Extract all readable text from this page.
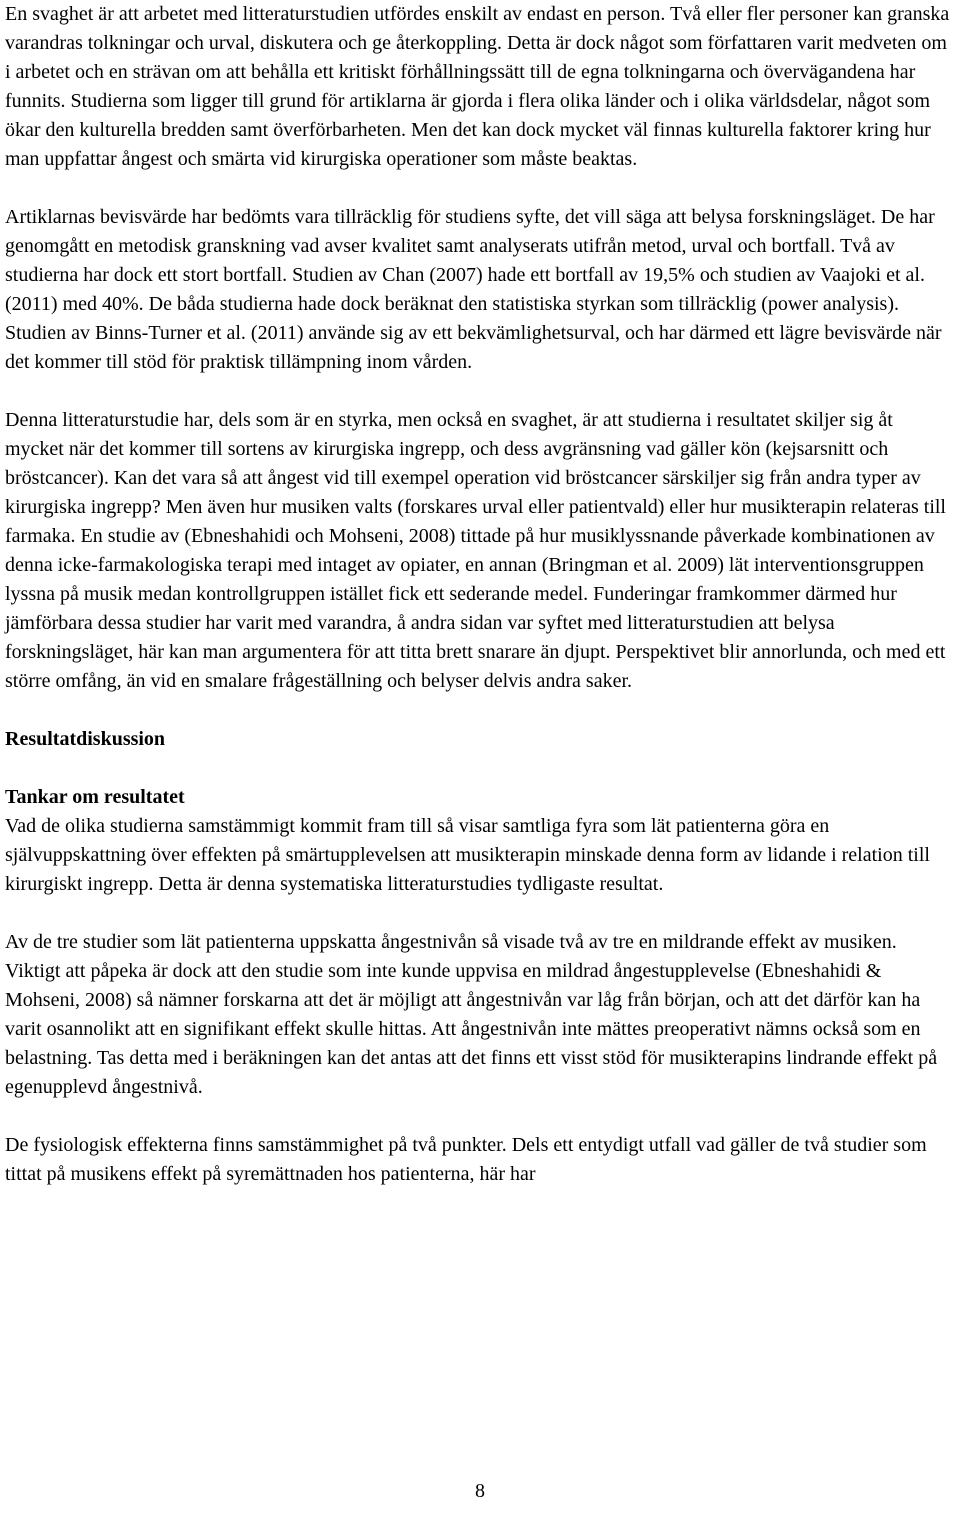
En svaghet är att arbetet med litteraturstudien utfördes enskilt av endast en person. Två eller fler personer kan granska varandras tolkningar och urval, diskutera och ge återkoppling. Detta är dock något som författaren varit medveten om i arbetet och en strävan om att behålla ett kritiskt förhållningssätt till de egna tolkningarna och övervägandena har funnits. Studierna som ligger till grund för artiklarna är gjorda i flera olika länder och i olika världsdelar, något som ökar den kulturella bredden samt överförbarheten. Men det kan dock mycket väl finnas kulturella faktorer kring hur man uppfattar ångest och smärta vid kirurgiska operationer som måste beaktas.

Artiklarnas bevisvärde har bedömts vara tillräcklig för studiens syfte, det vill säga att belysa forskningsläget. De har genomgått en metodisk granskning vad avser kvalitet samt analyserats utifrån metod, urval och bortfall. Två av studierna har dock ett stort bortfall. Studien av Chan (2007) hade ett bortfall av 19,5% och studien av Vaajoki et al. (2011) med 40%. De båda studierna hade dock beräknat den statistiska styrkan som tillräcklig (power analysis). Studien av Binns-Turner et al. (2011) använde sig av ett bekvämlighetsurval, och har därmed ett lägre bevisvärde när det kommer till stöd för praktisk tillämpning inom vården.

Denna litteraturstudie har, dels som är en styrka, men också en svaghet, är att studierna i resultatet skiljer sig åt mycket när det kommer till sortens av kirurgiska ingrepp, och dess avgränsning vad gäller kön (kejsarsnitt och bröstcancer). Kan det vara så att ångest vid till exempel operation vid bröstcancer särskiljer sig från andra typer av kirurgiska ingrepp? Men även hur musiken valts (forskares urval eller patientvald) eller hur musikterapin relateras till farmaka. En studie av (Ebneshahidi och Mohseni, 2008) tittade på hur musiklyssnande påverkade kombinationen av denna icke-farmakologiska terapi med intaget av opiater, en annan (Bringman et al. 2009) lät interventionsgruppen lyssna på musik medan kontrollgruppen istället fick ett sederande medel. Funderingar framkommer därmed hur jämförbara dessa studier har varit med varandra, å andra sidan var syftet med litteraturstudien att belysa forskningsläget, här kan man argumentera för att titta brett snarare än djupt. Perspektivet blir annorlunda, och med ett större omfång, än vid en smalare frågeställning och belyser delvis andra saker.

Resultatdiskussion
Tankar om resultatet

Vad de olika studierna samstämmigt kommit fram till så visar samtliga fyra som lät patienterna göra en självuppskattning över effekten på smärtupplevelsen att musikterapin minskade denna form av lidande i relation till kirurgiskt ingrepp. Detta är denna systematiska litteraturstudies tydligaste resultat.

Av de tre studier som lät patienterna uppskatta ångestnivån så visade två av tre en mildrande effekt av musiken. Viktigt att påpeka är dock att den studie som inte kunde uppvisa en mildrad ångestupplevelse (Ebneshahidi & Mohseni, 2008) så nämner forskarna att det är möjligt att ångestnivån var låg från början, och att det därför kan ha varit osannolikt att en signifikant effekt skulle hittas. Att ångestnivån inte mättes preoperativt nämns också som en belastning. Tas detta med i beräkningen kan det antas att det finns ett visst stöd för musikterapins lindrande effekt på egenupplevd ångestnivå.

De fysiologisk effekterna finns samstämmighet på två punkter. Dels ett entydigt utfall vad gäller de två studier som tittat på musikens effekt på syremättnaden hos patienterna, här har

8
